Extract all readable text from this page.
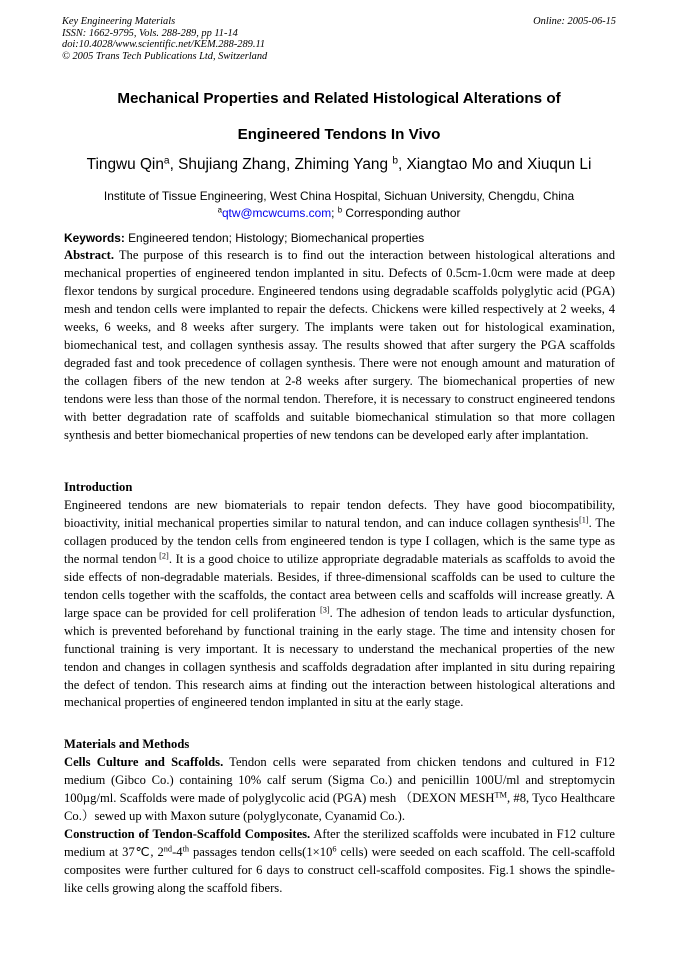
Key Engineering Materials
ISSN: 1662-9795, Vols. 288-289, pp 11-14
doi:10.4028/www.scientific.net/KEM.288-289.11
© 2005 Trans Tech Publications Ltd, Switzerland
Online: 2005-06-15
Mechanical Properties and Related Histological Alterations of
Engineered Tendons In Vivo
Tingwu Qin$^a$, Shujiang Zhang, Zhiming Yang $^b$, Xiangtao Mo and Xiuqun Li
Institute of Tissue Engineering, West China Hospital, Sichuan University, Chengdu, China
$^a$qtw@mcwcums.com; $^b$ Corresponding author
Keywords: Engineered tendon; Histology; Biomechanical properties
Abstract. The purpose of this research is to find out the interaction between histological alterations and mechanical properties of engineered tendon implanted in situ. Defects of 0.5cm-1.0cm were made at deep flexor tendons by surgical procedure. Engineered tendons using degradable scaffolds polyglytic acid (PGA) mesh and tendon cells were implanted to repair the defects. Chickens were killed respectively at 2 weeks, 4 weeks, 6 weeks, and 8 weeks after surgery. The implants were taken out for histological examination, biomechanical test, and collagen synthesis assay. The results showed that after surgery the PGA scaffolds degraded fast and took precedence of collagen synthesis. There were not enough amount and maturation of the collagen fibers of the new tendon at 2-8 weeks after surgery. The biomechanical properties of new tendons were less than those of the normal tendon. Therefore, it is necessary to construct engineered tendons with better degradation rate of scaffolds and suitable biomechanical stimulation so that more collagen synthesis and better biomechanical properties of new tendons can be developed early after implantation.
Introduction
Engineered tendons are new biomaterials to repair tendon defects. They have good biocompatibility, bioactivity, initial mechanical properties similar to natural tendon, and can induce collagen synthesis[1]. The collagen produced by the tendon cells from engineered tendon is type I collagen, which is the same type as the normal tendon [2]. It is a good choice to utilize appropriate degradable materials as scaffolds to avoid the side effects of non-degradable materials. Besides, if three-dimensional scaffolds can be used to culture the tendon cells together with the scaffolds, the contact area between cells and scaffolds will increase greatly. A large space can be provided for cell proliferation [3]. The adhesion of tendon leads to articular dysfunction, which is prevented beforehand by functional training in the early stage. The time and intensity chosen for functional training is very important. It is necessary to understand the mechanical properties of the new tendon and changes in collagen synthesis and scaffolds degradation after implanted in situ during repairing the defect of tendon. This research aims at finding out the interaction between histological alterations and mechanical properties of engineered tendon implanted in situ at the early stage.
Materials and Methods
Cells Culture and Scaffolds. Tendon cells were separated from chicken tendons and cultured in F12 medium (Gibco Co.) containing 10% calf serum (Sigma Co.) and penicillin 100U/ml and streptomycin 100µg/ml. Scaffolds were made of polyglycolic acid (PGA) mesh （DEXON MESH™, #8, Tyco Healthcare Co.）sewed up with Maxon suture (polyglyconate, Cyanamid Co.).
Construction of Tendon-Scaffold Composites. After the sterilized scaffolds were incubated in F12 culture medium at 37℃, 2nd-4th passages tendon $cells(1\times 10^6$ cells) were seeded on each scaffold. The cell-scaffold composites were further cultured for 6 days to construct cell-scaffold composites. Fig.1 shows the spindle-like cells growing along the scaffold fibers.
